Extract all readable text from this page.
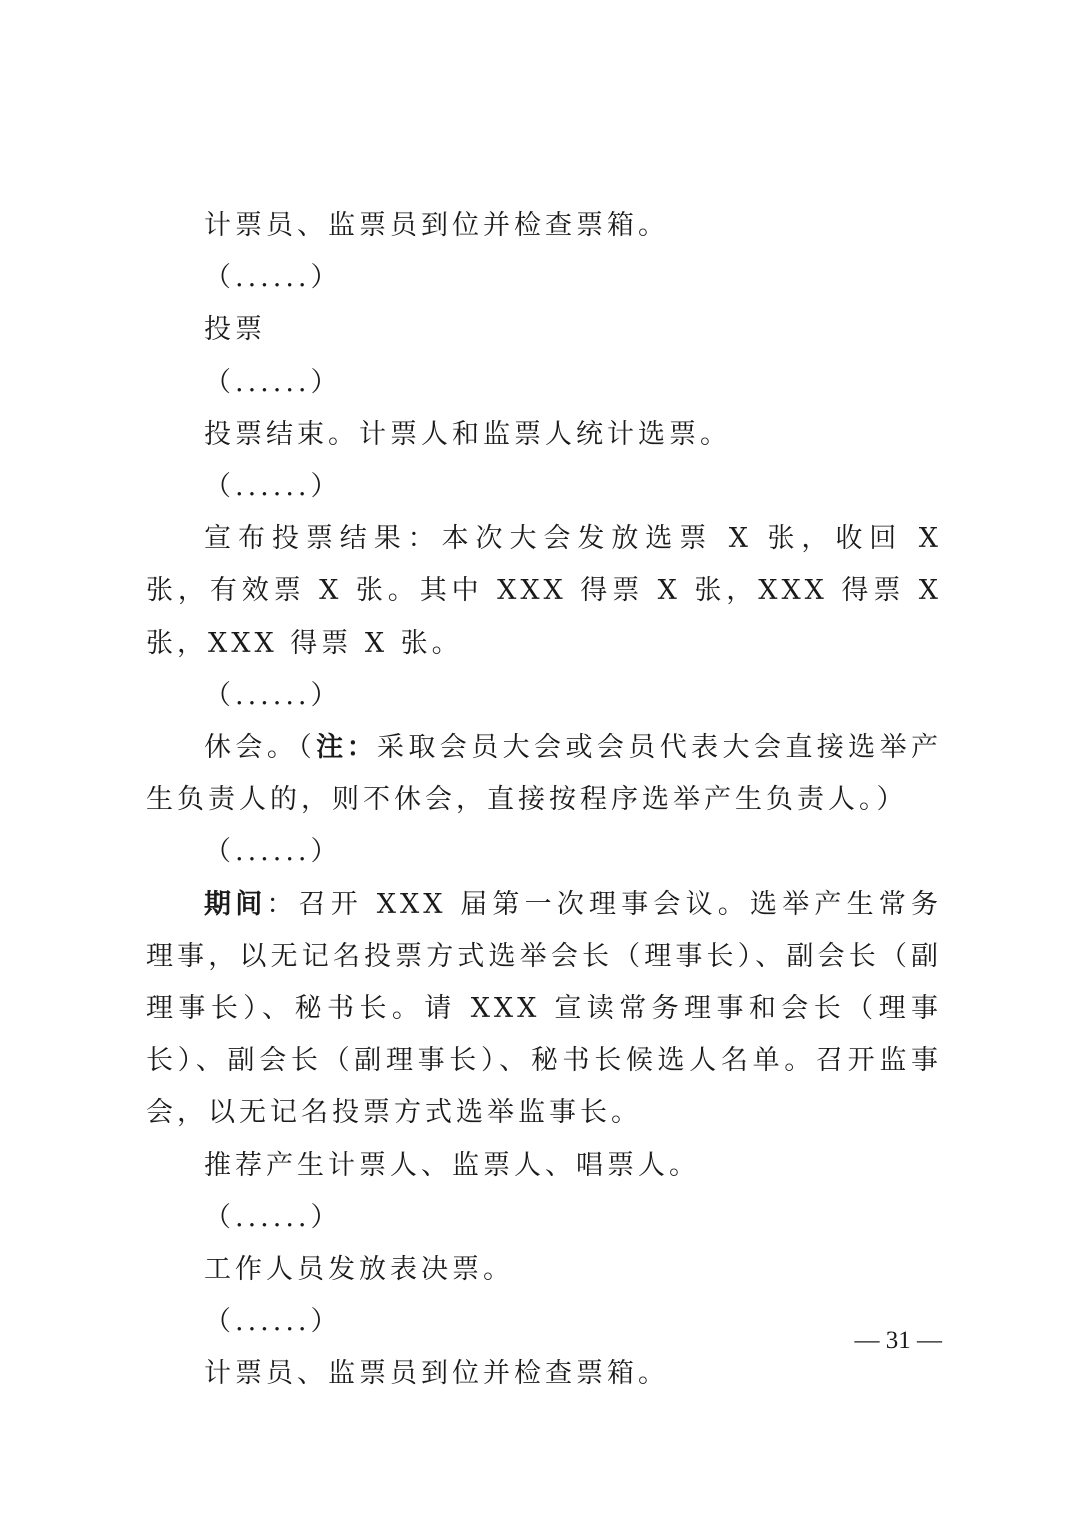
计票员、监票员到位并检查票箱。

（......）

投票

（......）

投票结束。计票人和监票人统计选票。

（......）

宣布投票结果：本次大会发放选票 X 张，收回 X 张，有效票 X 张。其中 XXX 得票 X 张，XXX 得票 X 张，XXX 得票 X 张。

（......）

休会。（注：采取会员大会或会员代表大会直接选举产生负责人的，则不休会，直接按程序选举产生负责人。）

（......）

期间：召开 XXX 届第一次理事会议。选举产生常务理事，以无记名投票方式选举会长（理事长）、副会长（副理事长）、秘书长。请 XXX 宣读常务理事和会长（理事长）、副会长（副理事长）、秘书长候选人名单。召开监事会，以无记名投票方式选举监事长。

推荐产生计票人、监票人、唱票人。

（......）

工作人员发放表决票。

（......）

计票员、监票员到位并检查票箱。

— 31 —
